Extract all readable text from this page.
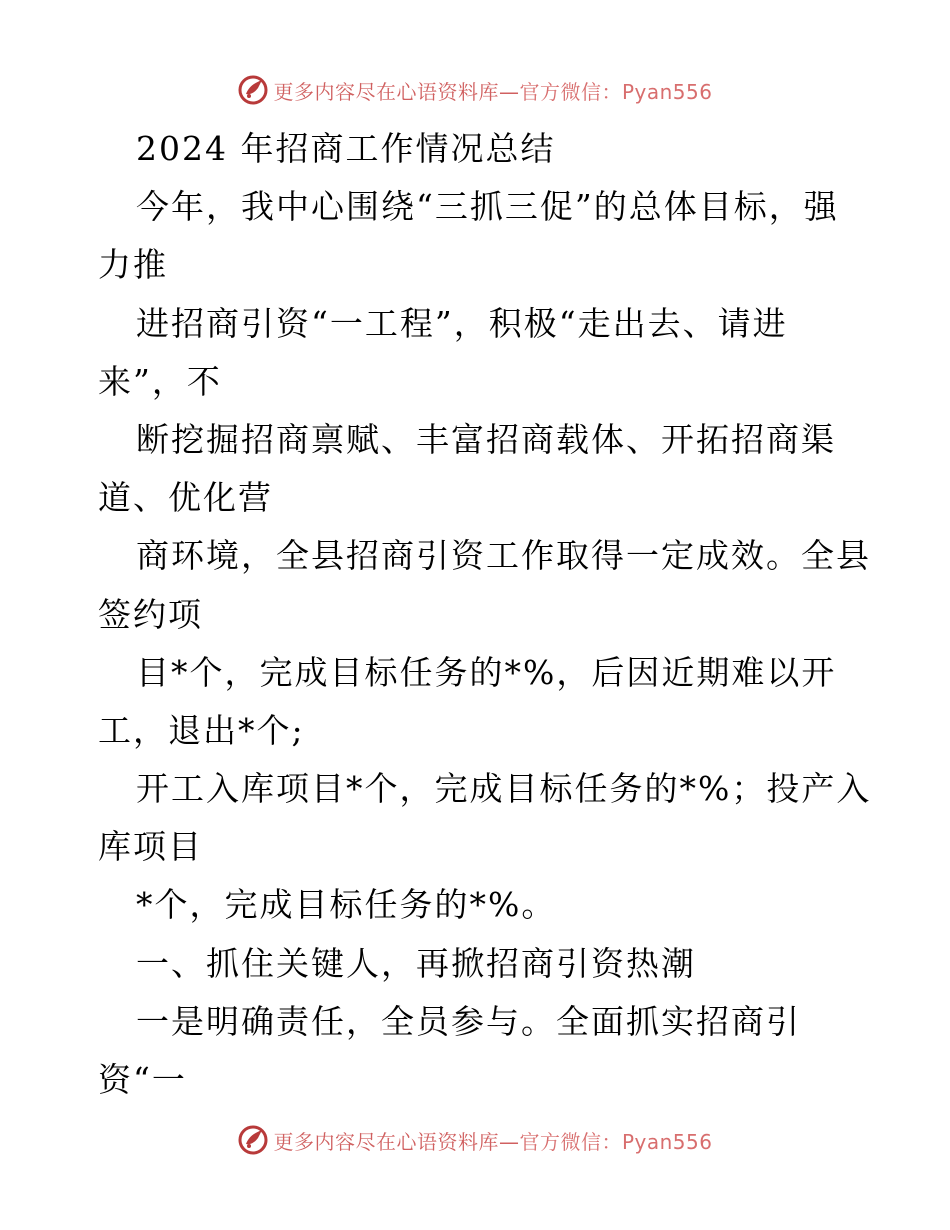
更多内容尽在心语资料库— 官方微信：Pyan556
2024 年招商工作情况总结
今年，我中心围绕“三抓三促”的总体目标，强
力推
进招商引资“一工程”，积极“走出去、请进
来”，不
断挖掘招商禀赋、丰富招商载体、开拓招商渠
道、优化营
商环境，全县招商引资工作取得一定成效。全县
签约项
目*个，完成目标任务的*%，后因近期难以开
工，退出*个;
开工入库项目*个，完成目标任务的*%；投产入
库项目
*个，完成目标任务的*%。
一、抓住关键人，再掀招商引资热潮
一是明确责任，全员参与。全面抓实招商引
资“一
更多内容尽在心语资料库— 官方微信：Pyan556
